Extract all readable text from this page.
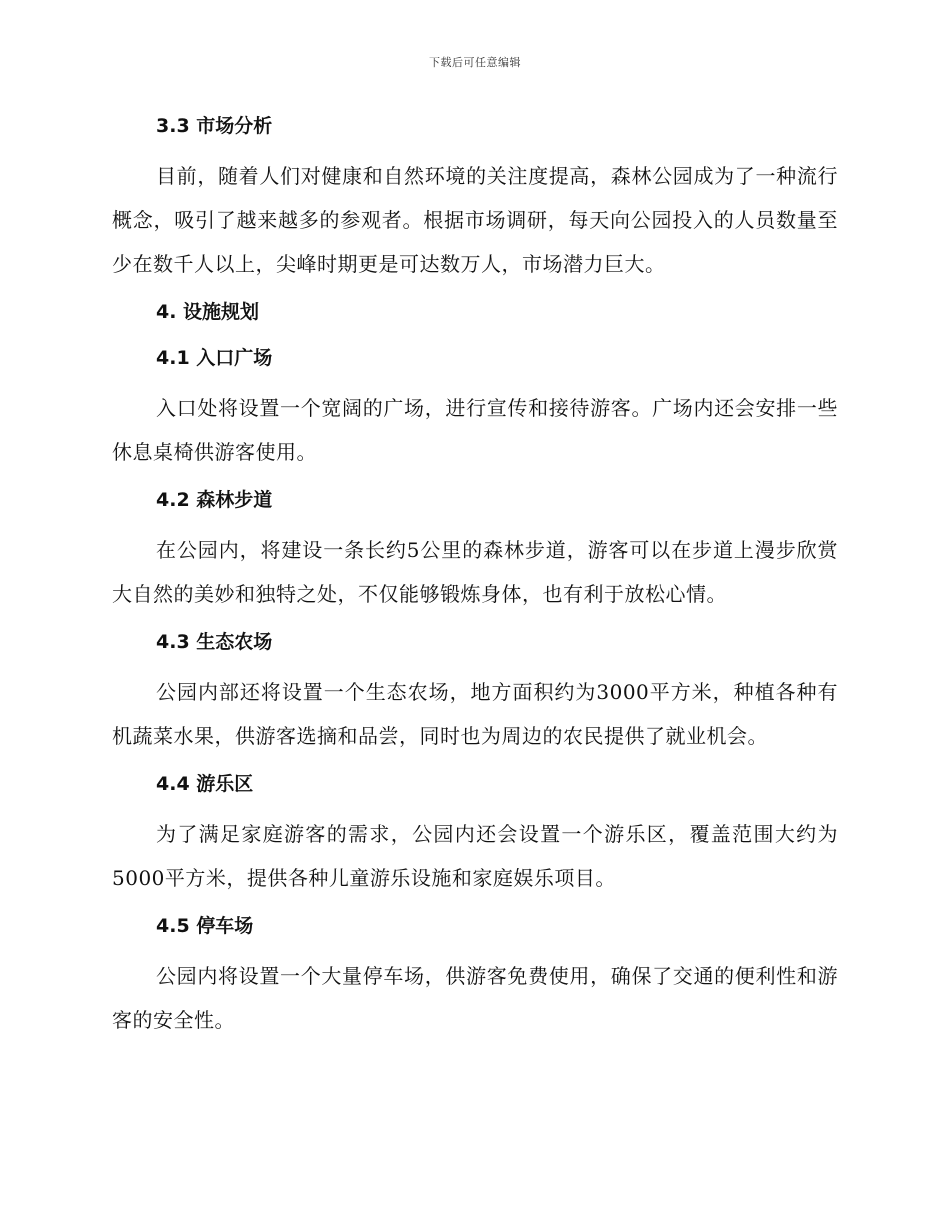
下载后可任意编辑

3.3 市场分析

目前，随着人们对健康和自然环境的关注度提高，森林公园成为了一种流行概念，吸引了越来越多的参观者。根据市场调研，每天向公园投入的人员数量至少在数千人以上，尖峰时期更是可达数万人，市场潜力巨大。

4. 设施规划

4.1 入口广场

入口处将设置一个宽阔的广场，进行宣传和接待游客。广场内还会安排一些休息桌椅供游客使用。

4.2 森林步道

在公园内，将建设一条长约5公里的森林步道，游客可以在步道上漫步欣赏大自然的美妙和独特之处，不仅能够锻炼身体，也有利于放松心情。

4.3 生态农场

公园内部还将设置一个生态农场，地方面积约为3000平方米，种植各种有机蔬菜水果，供游客选摘和品尝，同时也为周边的农民提供了就业机会。

4.4 游乐区

为了满足家庭游客的需求，公园内还会设置一个游乐区，覆盖范围大约为5000平方米，提供各种儿童游乐设施和家庭娱乐项目。

4.5 停车场

公园内将设置一个大量停车场，供游客免费使用，确保了交通的便利性和游客的安全性。
